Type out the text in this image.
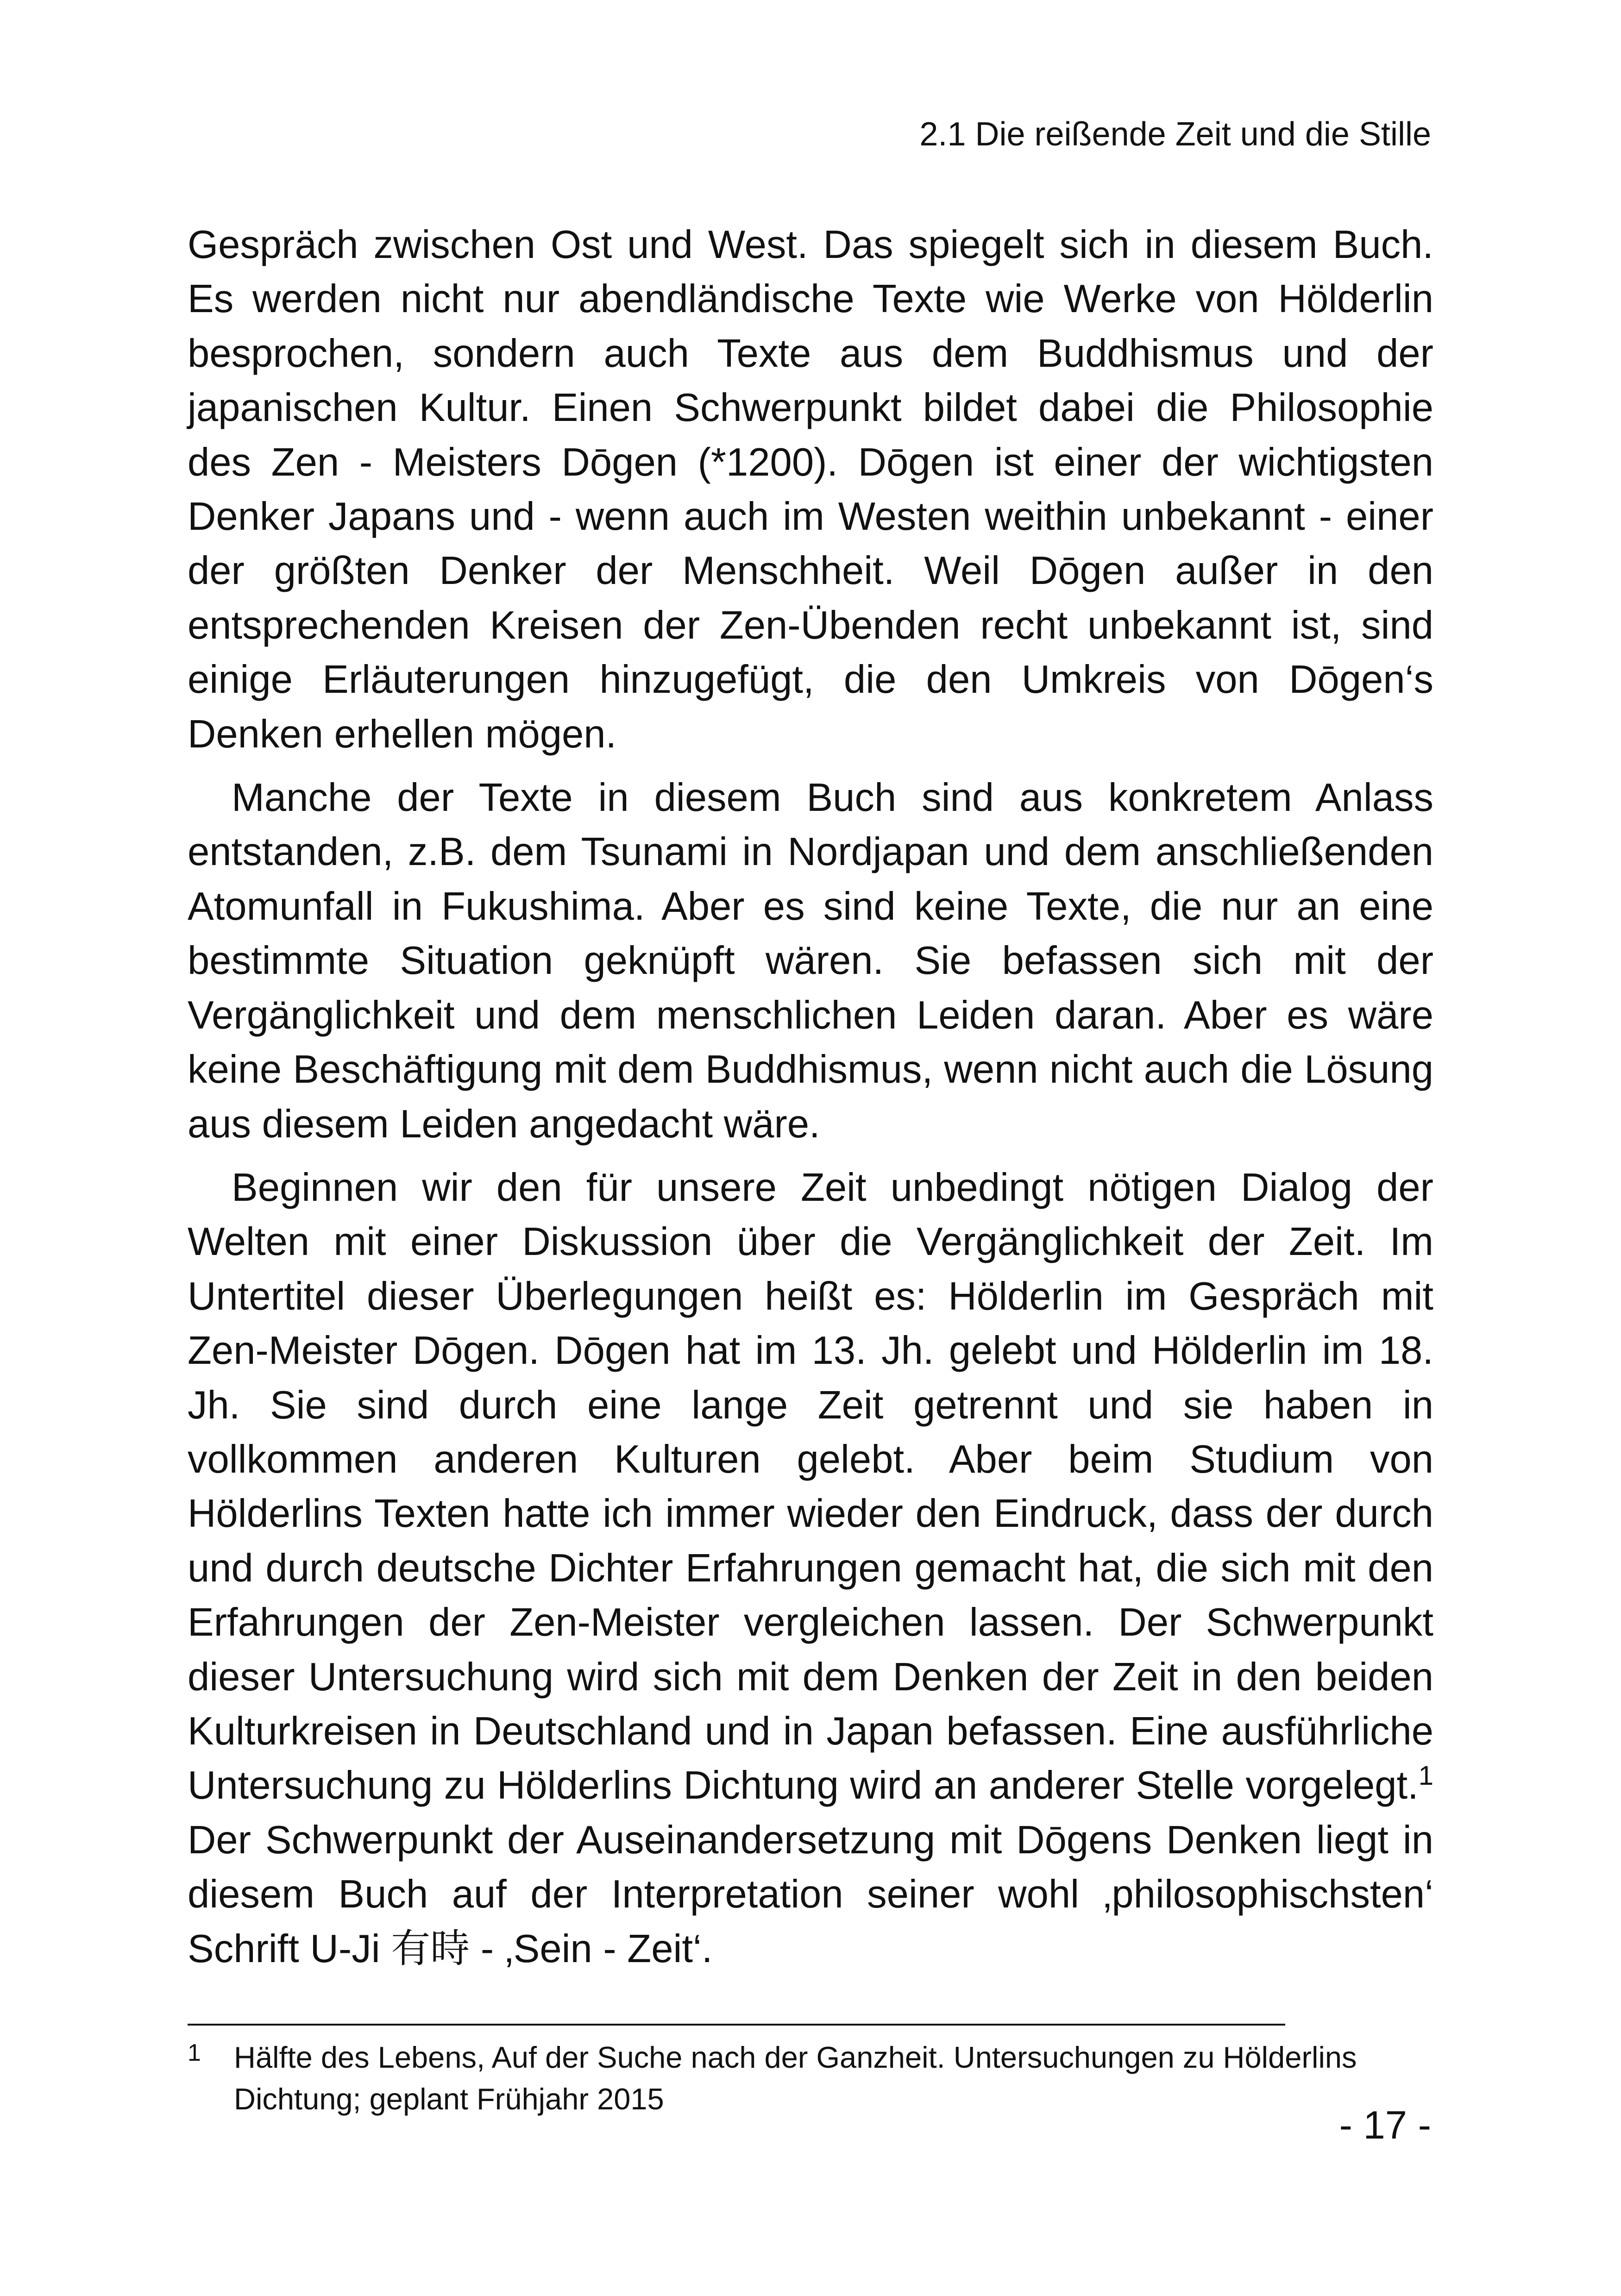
2.1 Die reißende Zeit und die Stille

Gespräch zwischen Ost und West. Das spiegelt sich in diesem Buch. Es werden nicht nur abendländische Texte wie Werke von Hölderlin besprochen, sondern auch Texte aus dem Buddhismus und der japanischen Kultur. Einen Schwerpunkt bildet dabei die Philosophie des Zen - Meisters Dōgen (*1200). Dōgen ist einer der wichtigsten Denker Japans und - wenn auch im Westen weithin unbekannt - einer der größten Denker der Menschheit. Weil Dōgen außer in den entsprechenden Kreisen der Zen-Übenden recht unbekannt ist, sind einige Erläuterungen hinzugefügt, die den Umkreis von Dōgen‘s Denken erhellen mögen.

Manche der Texte in diesem Buch sind aus konkretem Anlass entstanden, z.B. dem Tsunami in Nordjapan und dem anschließenden Atomunfall in Fukushima. Aber es sind keine Texte, die nur an eine bestimmte Situation geknüpft wären. Sie befassen sich mit der Vergänglichkeit und dem menschlichen Leiden daran. Aber es wäre keine Beschäftigung mit dem Buddhismus, wenn nicht auch die Lösung aus diesem Leiden angedacht wäre.

Beginnen wir den für unsere Zeit unbedingt nötigen Dialog der Welten mit einer Diskussion über die Vergänglichkeit der Zeit. Im Untertitel dieser Überlegungen heißt es: Hölderlin im Gespräch mit Zen-Meister Dōgen. Dōgen hat im 13. Jh. gelebt und Hölderlin im 18. Jh. Sie sind durch eine lange Zeit getrennt und sie haben in vollkommen anderen Kulturen gelebt. Aber beim Studium von Hölderlins Texten hatte ich immer wieder den Eindruck, dass der durch und durch deutsche Dichter Erfahrungen gemacht hat, die sich mit den Erfahrungen der Zen-Meister vergleichen lassen. Der Schwerpunkt dieser Untersuchung wird sich mit dem Denken der Zeit in den beiden Kulturkreisen in Deutschland und in Japan befassen. Eine ausführliche Untersuchung zu Hölderlins Dichtung wird an anderer Stelle vorgelegt.$^1$ Der Schwerpunkt der Auseinandersetzung mit Dōgens Denken liegt in diesem Buch auf der Interpretation seiner wohl ‚philosophischsten‘ Schrift U-Ji 有時 - ‚Sein - Zeit‘.

1 Hälfte des Lebens, Auf der Suche nach der Ganzheit. Untersuchungen zu Hölderlins Dichtung; geplant Frühjahr 2015
- 17 -
